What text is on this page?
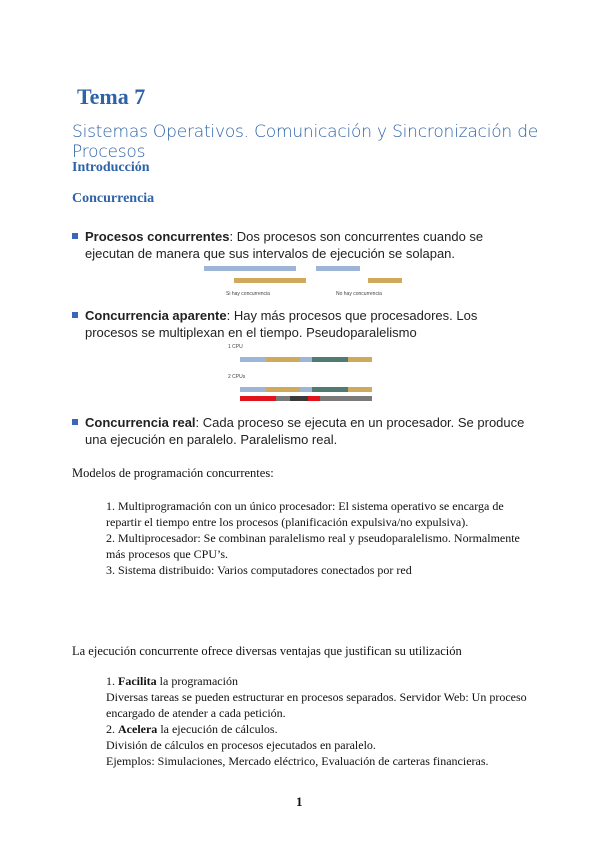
Tema 7
Sistemas Operativos. Comunicación y Sincronización de Procesos
Introducción
Concurrencia
Procesos concurrentes: Dos procesos son concurrentes cuando se ejecutan de manera que sus intervalos de ejecución se solapan.
Si hay concurrencia	No hay concurrencia
Concurrencia aparente: Hay más procesos que procesadores. Los procesos se multiplexan en el tiempo. Pseudoparalelismo
1 CPU
2 CPUs
Concurrencia real: Cada proceso se ejecuta en un procesador. Se produce una ejecución en paralelo. Paralelismo real.
Modelos de programación concurrentes:
1. Multiprogramación con un único procesador: El sistema operativo se encarga de repartir el tiempo entre los procesos (planificación expulsiva/no expulsiva).
2. Multiprocesador: Se combinan paralelismo real y pseudoparalelismo. Normalmente más procesos que CPU’s.
3. Sistema distribuido: Varios computadores conectados por red
La ejecución concurrente ofrece diversas ventajas que justifican su utilización
1. Facilita la programación
Diversas tareas se pueden estructurar en procesos separados. Servidor Web: Un proceso encargado de atender a cada petición.
2. Acelera la ejecución de cálculos.
División de cálculos en procesos ejecutados en paralelo.
Ejemplos: Simulaciones, Mercado eléctrico, Evaluación de carteras financieras.
1
